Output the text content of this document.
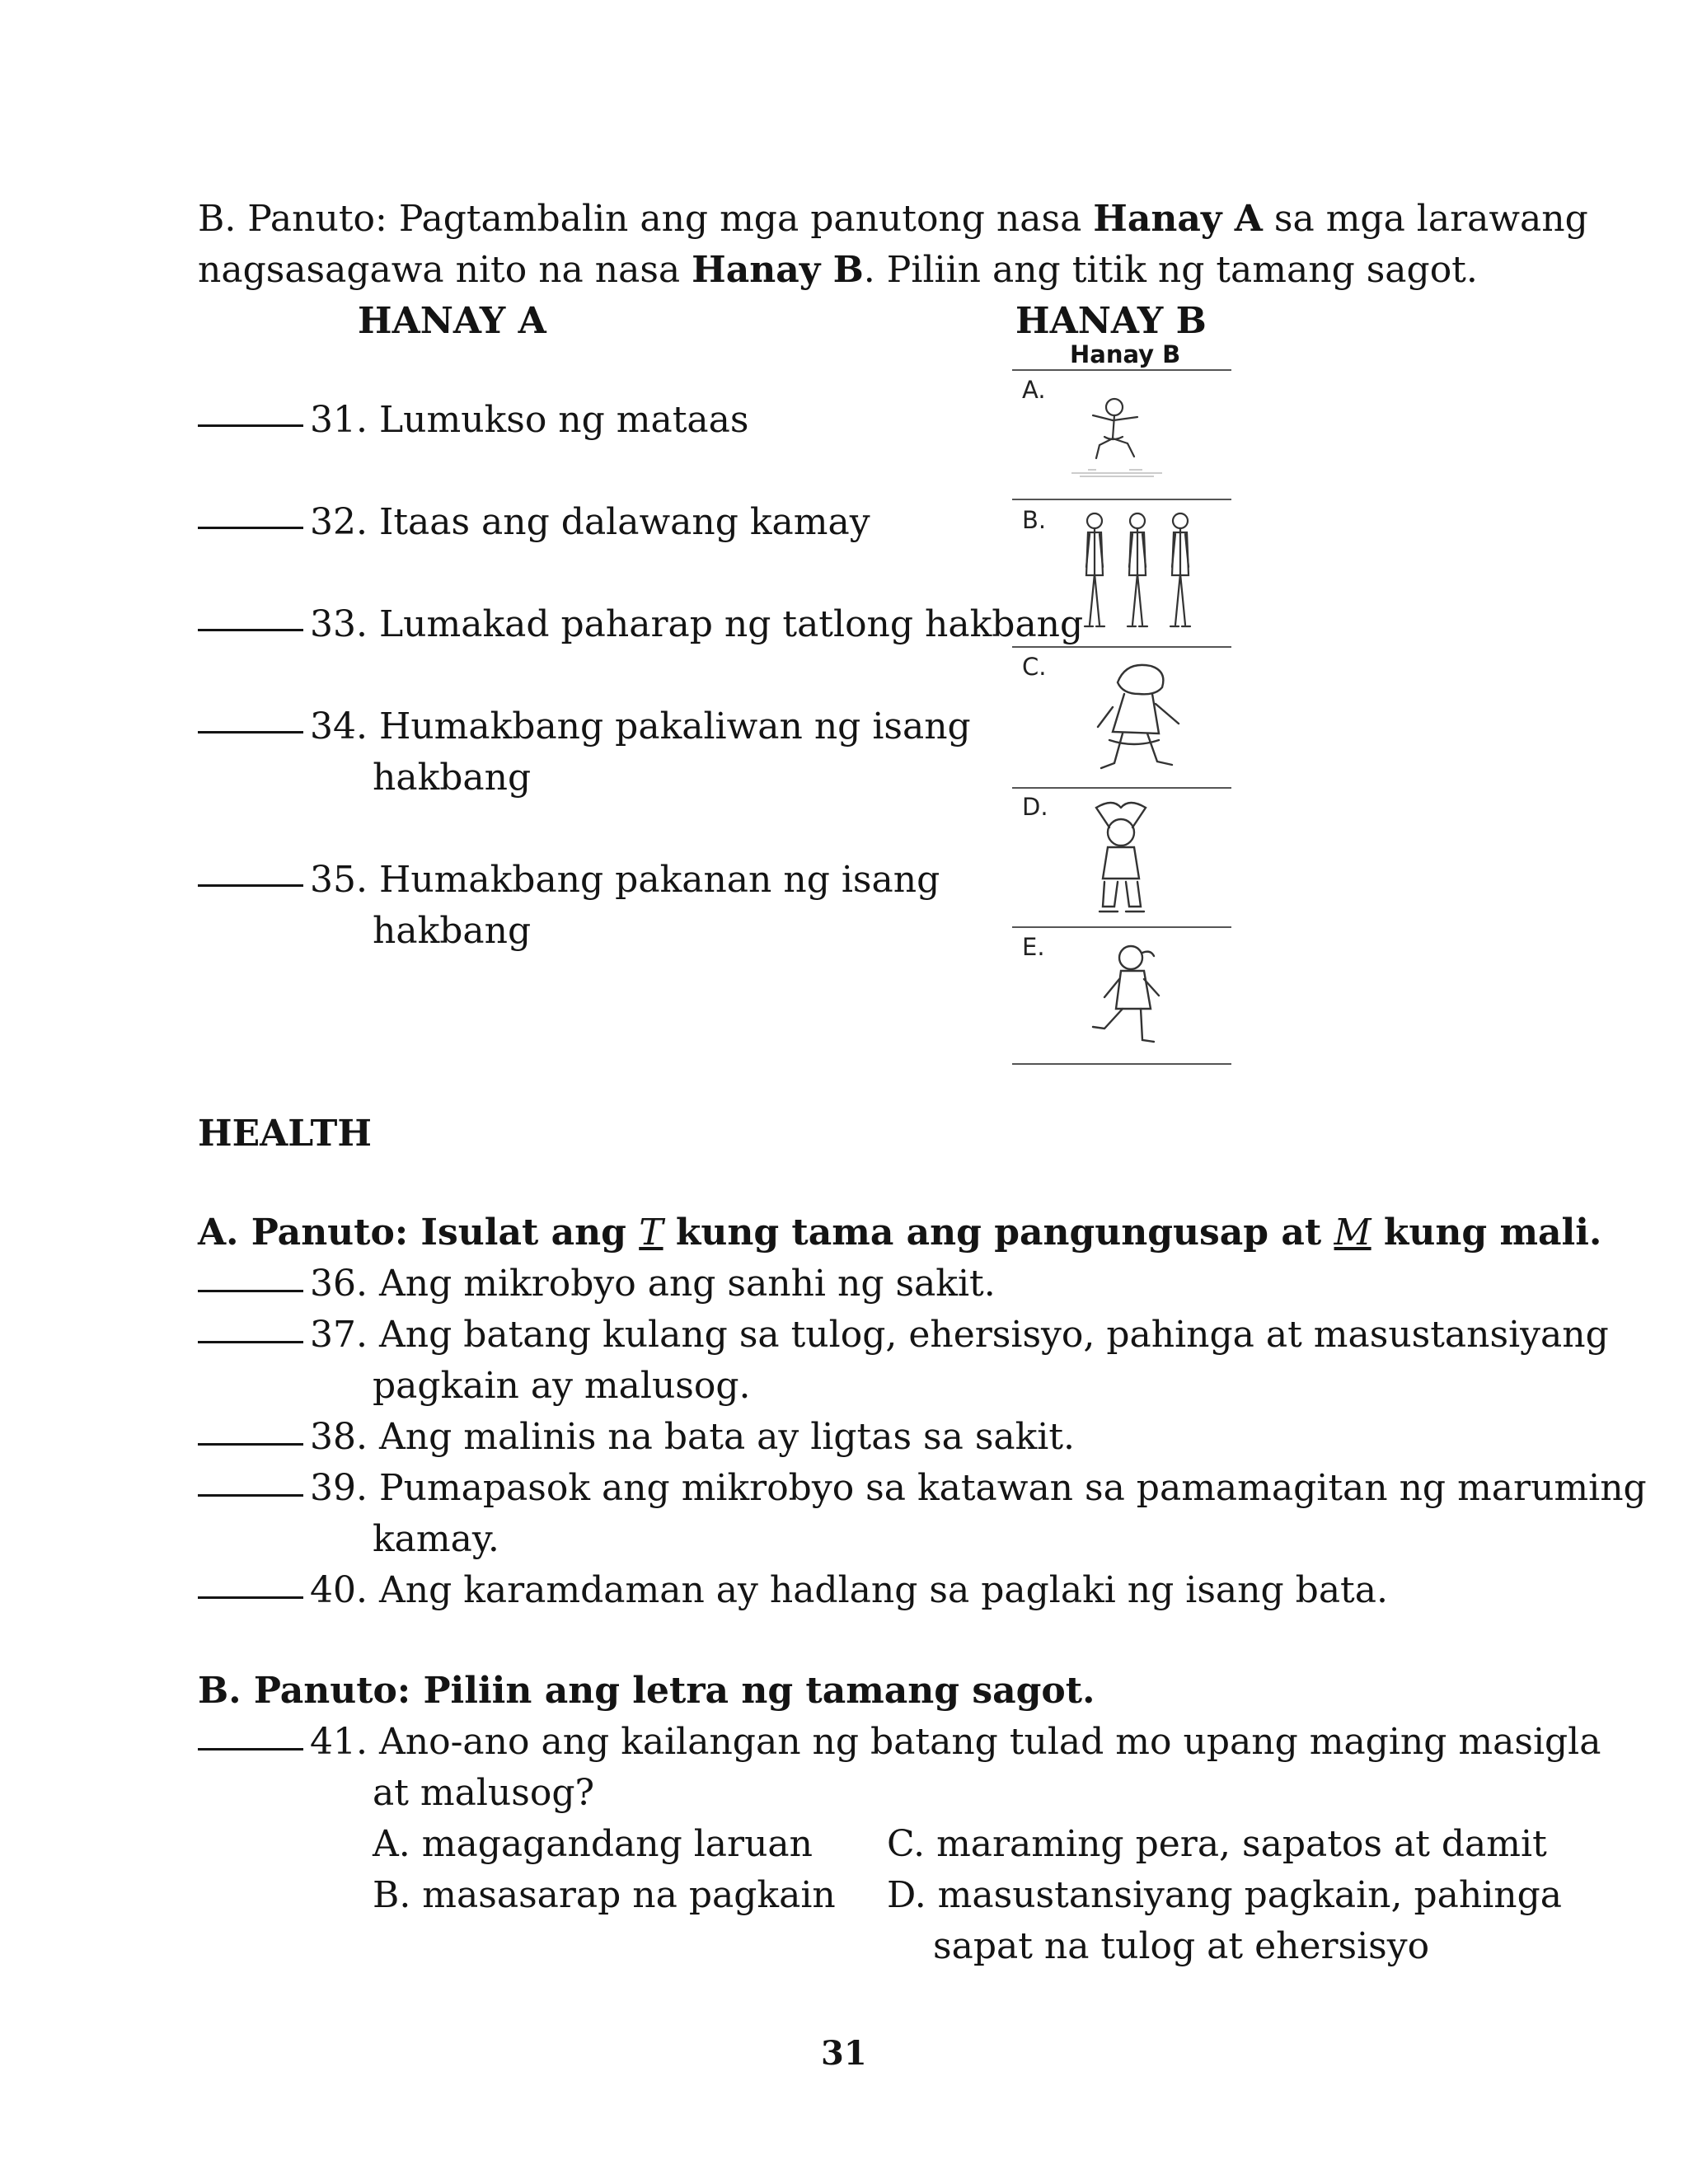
B. Panuto: Pagtambalin ang mga panutong nasa Hanay A sa mga larawang
nagsasagawa nito na nasa Hanay B. Piliin ang titik ng tamang sagot.
HANAY A	HANAY B
31. Lumukso ng mataas
32. Itaas ang dalawang kamay
33. Lumakad paharap ng tatlong hakbang
34. Humakbang pakaliwan ng isang
hakbang
35. Humakbang pakanan ng isang
hakbang
Hanay B
A.
B.
C.
D.
E.
HEALTH
A. Panuto: Isulat ang T kung tama ang pangungusap at M kung mali.
36. Ang mikrobyo ang sanhi ng sakit.
37. Ang batang kulang sa tulog, ehersisyo, pahinga at masustansiyang
pagkain ay malusog.
38. Ang malinis na bata ay ligtas sa sakit.
39. Pumapasok ang mikrobyo sa katawan sa pamamagitan ng maruming
kamay.
40. Ang karamdaman ay hadlang sa paglaki ng isang bata.
B. Panuto: Piliin ang letra ng tamang sagot.
41. Ano-ano ang kailangan ng batang tulad mo upang maging masigla
at malusog?
A. magagandang laruan C. maraming pera, sapatos at damit
B. masasarap na pagkain D. masustansiyang pagkain, pahinga
sapat na tulog at ehersisyo
31
